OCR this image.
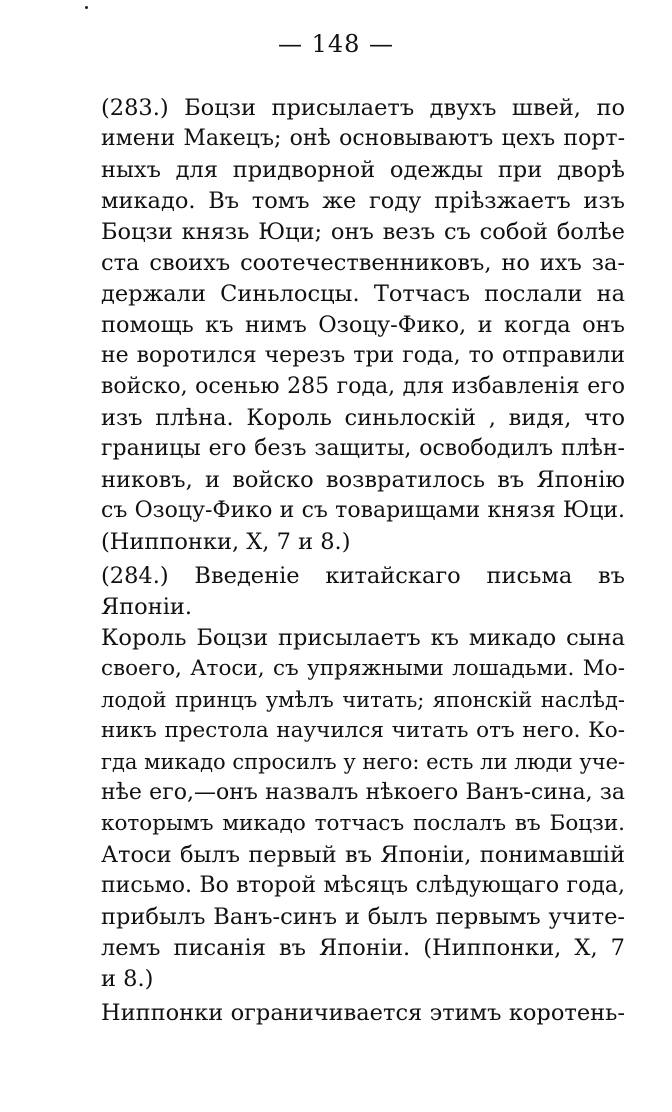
— 148 —
(283.) Боцзи присылаетъ двухъ швей, по
имени Макецъ; онѣ основываютъ цехъ порт-
ныхъ для придворной одежды при дворѣ
микадо. Въ томъ же году пріѣзжаетъ изъ
Боцзи князь Юци; онъ везъ съ собой болѣе
ста своихъ соотечественниковъ, но ихъ за-
держали Синьлосцы. Тотчасъ послали на
помощь къ нимъ Озоцу-Фико, и когда онъ
не воротился черезъ три года, то отправили
войско, осенью 285 года, для избавленія его
изъ плѣна. Король синьлоскій , видя, что
границы его безъ защиты, освободилъ плѣн-
никовъ, и войско возвратилось въ Японію
съ Озоцу-Фико и съ товарищами князя Юци.
(Ниппонки, X, 7 и 8.)
(284.) Введеніе китайскаго письма въ
Японіи.
Король Боцзи присылаетъ къ микадо сына
своего, Атоси, съ упряжными лошадьми. Мо-
лодой принцъ умѣлъ читать; японскій наслѣд-
никъ престола научился читать отъ него. Ко-
гда микадо спросилъ у него: есть ли люди уче-
нѣе его,—онъ назвалъ нѣкоего Ванъ-сина, за
которымъ микадо тотчасъ послалъ въ Боцзи.
Атоси былъ первый въ Японіи, понимавшій
письмо. Во второй мѣсяцъ слѣдующаго года,
прибылъ Ванъ-синъ и былъ первымъ учите-
лемъ писанія въ Японіи. (Ниппонки, X, 7
и 8.)
Ниппонки ограничивается этимъ коротень-
